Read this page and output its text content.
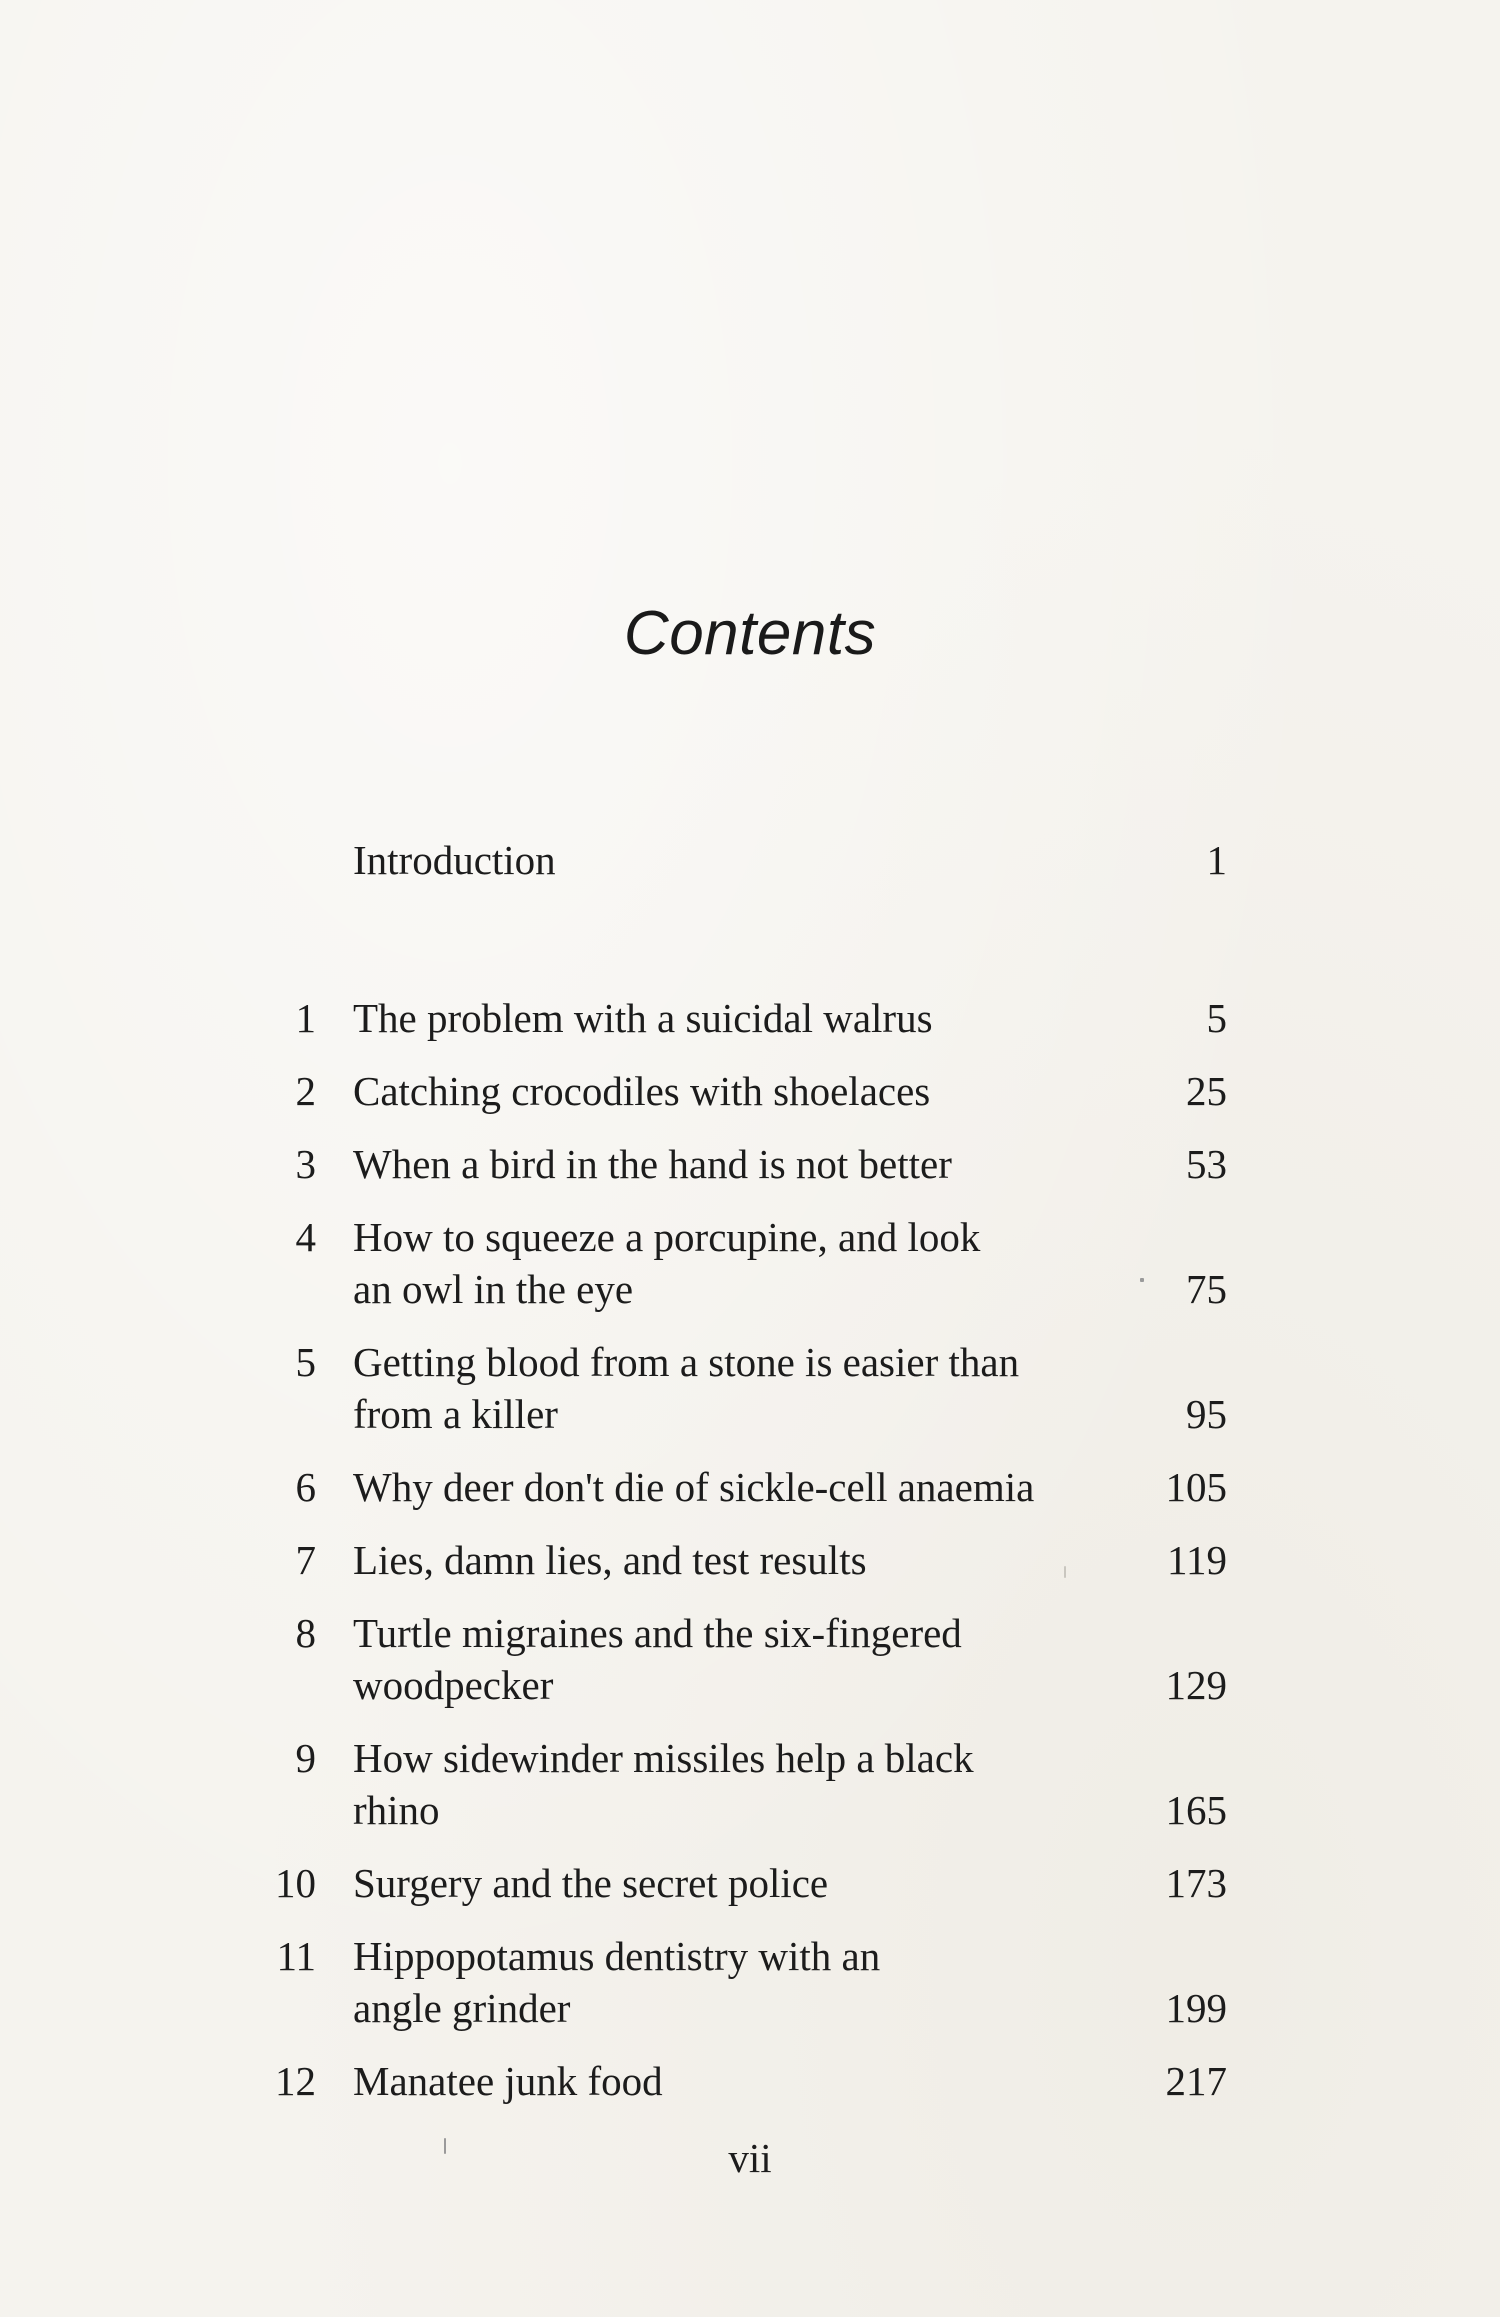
Contents
Introduction	1
1 The problem with a suicidal walrus	5
2 Catching crocodiles with shoelaces	25
3 When a bird in the hand is not better	53
4 How to squeeze a porcupine, and look
an owl in the eye	75
5 Getting blood from a stone is easier than
from a killer	95
6 Why deer don't die of sickle-cell anaemia	105
7 Lies, damn lies, and test results	119
8 Turtle migraines and the six-fingered
woodpecker	129
9 How sidewinder missiles help a black
rhino	165
10 Surgery and the secret police	173
11 Hippopotamus dentistry with an
angle grinder	199
12 Manatee junk food	217
vii
